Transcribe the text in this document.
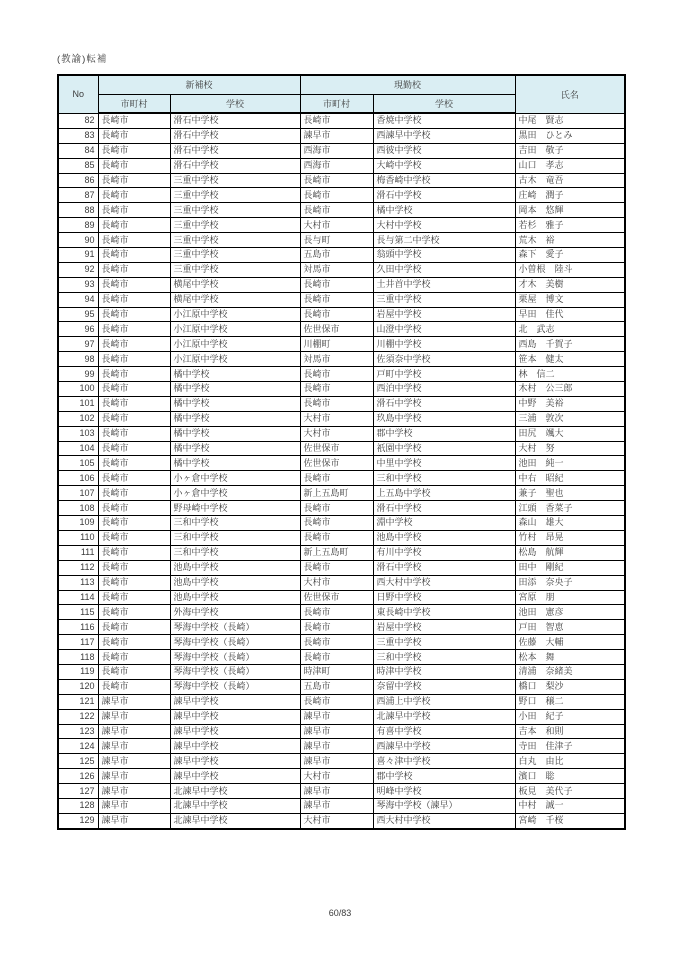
(教諭)転補
No	新補校		現勤校		氏名
	市町村	学校	市町村	学校	
82	長崎市	滑石中学校	長崎市	香焼中学校	中尾　賢志
83	長崎市	滑石中学校	諫早市	西諫早中学校	黒田　ひとみ
84	長崎市	滑石中学校	西海市	西彼中学校	吉田　敬子
85	長崎市	滑石中学校	西海市	大崎中学校	山口　孝志
86	長崎市	三重中学校	長崎市	梅香崎中学校	古木　竜吾
87	長崎市	三重中学校	長崎市	滑石中学校	庄崎　潤子
88	長崎市	三重中学校	長崎市	橘中学校	岡本　悠輝
89	長崎市	三重中学校	大村市	大村中学校	若杉　雅子
90	長崎市	三重中学校	長与町	長与第二中学校	荒木　裕
91	長崎市	三重中学校	五島市	翁頭中学校	森下　愛子
92	長崎市	三重中学校	対馬市	久田中学校	小曽根　陸斗
93	長崎市	横尾中学校	長崎市	土井首中学校	才木　美樹
94	長崎市	横尾中学校	長崎市	三重中学校	栗屋　博文
95	長崎市	小江原中学校	長崎市	岩屋中学校	早田　佳代
96	長崎市	小江原中学校	佐世保市	山澄中学校	北　武志
97	長崎市	小江原中学校	川棚町	川棚中学校	西島　千賀子
98	長崎市	小江原中学校	対馬市	佐須奈中学校	笹本　健太
99	長崎市	橘中学校	長崎市	戸町中学校	林　信二
100	長崎市	橘中学校	長崎市	西泊中学校	木村　公三郎
101	長崎市	橘中学校	長崎市	滑石中学校	中野　美裕
102	長崎市	橘中学校	大村市	玖島中学校	三浦　敦次
103	長崎市	橘中学校	大村市	郡中学校	田尻　颯大
104	長崎市	橘中学校	佐世保市	祇園中学校	大村　努
105	長崎市	橘中学校	佐世保市	中里中学校	池田　純一
106	長崎市	小ヶ倉中学校	長崎市	三和中学校	中右　昭紀
107	長崎市	小ヶ倉中学校	新上五島町	上五島中学校	兼子　聖也
108	長崎市	野母崎中学校	長崎市	滑石中学校	江頭　香菜子
109	長崎市	三和中学校	長崎市	淵中学校	森山　雄大
110	長崎市	三和中学校	長崎市	池島中学校	竹村　昂晃
111	長崎市	三和中学校	新上五島町	有川中学校	松島　航輝
112	長崎市	池島中学校	長崎市	滑石中学校	田中　剛紀
113	長崎市	池島中学校	大村市	西大村中学校	田添　奈央子
114	長崎市	池島中学校	佐世保市	日野中学校	宮原　朋
115	長崎市	外海中学校	長崎市	東長崎中学校	池田　憲彦
116	長崎市	琴海中学校（長崎）	長崎市	岩屋中学校	戸田　智恵
117	長崎市	琴海中学校（長崎）	長崎市	三重中学校	佐藤　大輔
118	長崎市	琴海中学校（長崎）	長崎市	三和中学校	松本　舞
119	長崎市	琴海中学校（長崎）	時津町	時津中学校	清浦　奈緒美
120	長崎市	琴海中学校（長崎）	五島市	奈留中学校	橋口　梨沙
121	諫早市	諫早中学校	長崎市	西浦上中学校	野口　穣二
122	諫早市	諫早中学校	諫早市	北諫早中学校	小田　紀子
123	諫早市	諫早中学校	諫早市	有喜中学校	吉本　和則
124	諫早市	諫早中学校	諫早市	西諫早中学校	寺田　佳津子
125	諫早市	諫早中学校	諫早市	喜々津中学校	白丸　由比
126	諫早市	諫早中学校	大村市	郡中学校	濱口　聡
127	諫早市	北諫早中学校	諫早市	明峰中学校	板見　美代子
128	諫早市	北諫早中学校	諫早市	琴海中学校（諫早）	中村　誠一
129	諫早市	北諫早中学校	大村市	西大村中学校	宮崎　千桜
60/83
